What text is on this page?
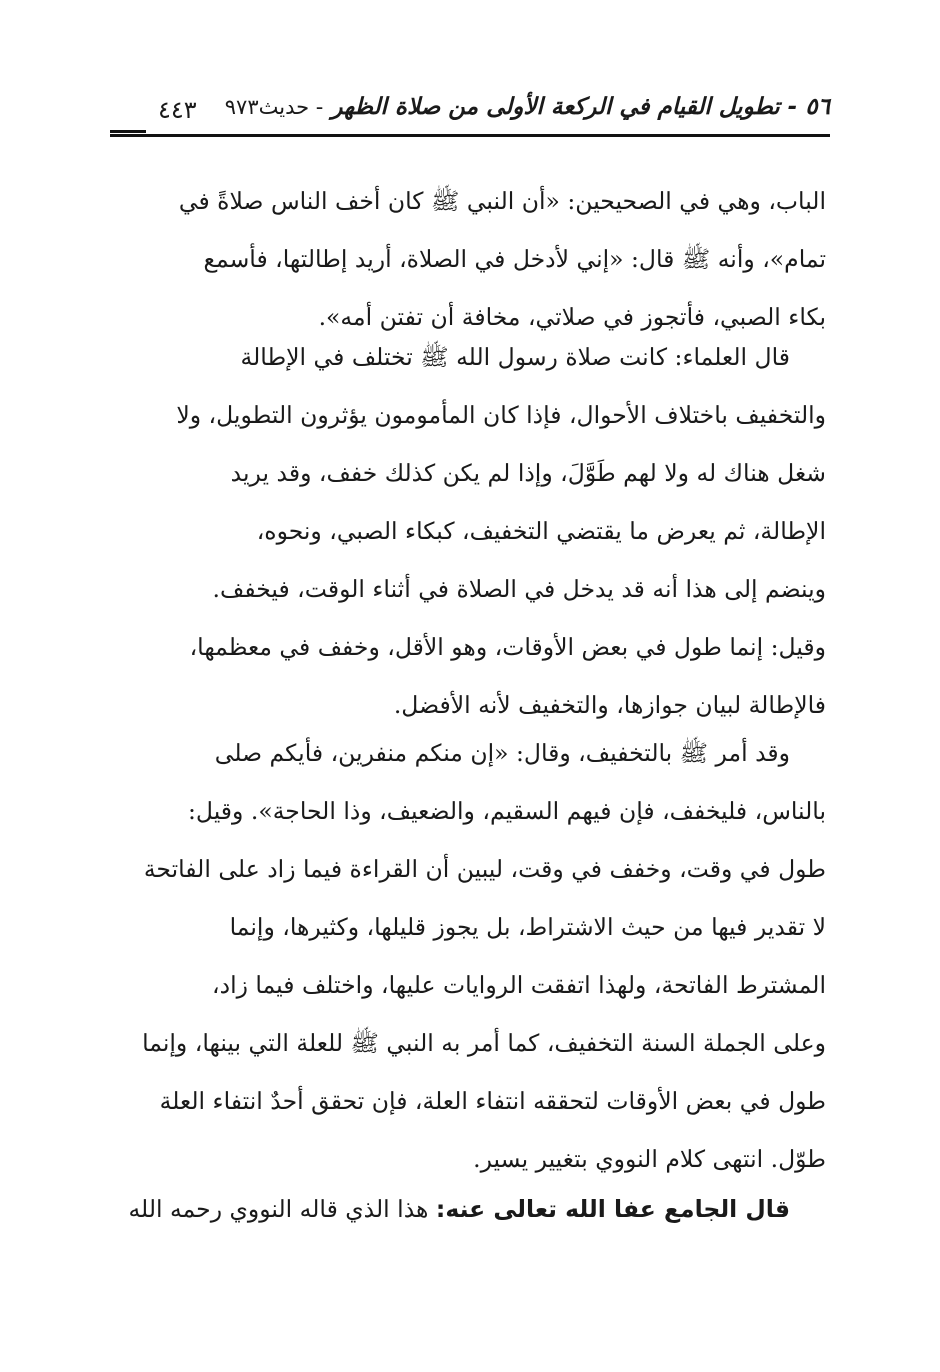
٥٦ - تطويل القيام في الركعة الأولى من صلاة الظهر - حديث٩٧٣
٤٤٣
الباب، وهي في الصحيحين: «أن النبي ﷺ كان أخف الناس صلاةً في
تمام»، وأنه ﷺ قال: «إني لأدخل في الصلاة، أريد إطالتها، فأسمع
بكاء الصبي، فأتجوز في صلاتي، مخافة أن تفتن أمه».
قال العلماء: كانت صلاة رسول الله ﷺ تختلف في الإطالة
والتخفيف باختلاف الأحوال، فإذا كان المأمومون يؤثرون التطويل، ولا
شغل هناك له ولا لهم طَوَّلَ، وإذا لم يكن كذلك خفف، وقد يريد
الإطالة، ثم يعرض ما يقتضي التخفيف، كبكاء الصبي، ونحوه،
وينضم إلى هذا أنه قد يدخل في الصلاة في أثناء الوقت، فيخفف.
وقيل: إنما طول في بعض الأوقات، وهو الأقل، وخفف في معظمها،
فالإطالة لبيان جوازها، والتخفيف لأنه الأفضل.
وقد أمر ﷺ بالتخفيف، وقال: «إن منكم منفرين، فأيكم صلى
بالناس، فليخفف، فإن فيهم السقيم، والضعيف، وذا الحاجة». وقيل:
طول في وقت، وخفف في وقت، ليبين أن القراءة فيما زاد على الفاتحة
لا تقدير فيها من حيث الاشتراط، بل يجوز قليلها، وكثيرها، وإنما
المشترط الفاتحة، ولهذا اتفقت الروايات عليها، واختلف فيما زاد،
وعلى الجملة السنة التخفيف، كما أمر به النبي ﷺ للعلة التي بينها، وإنما
طول في بعض الأوقات لتحققه انتفاء العلة، فإن تحقق أحدٌ انتفاء العلة
طوّل. انتهى كلام النووي بتغيير يسير.
قال الجامع عفا الله تعالى عنه: هذا الذي قاله النووي رحمه الله
